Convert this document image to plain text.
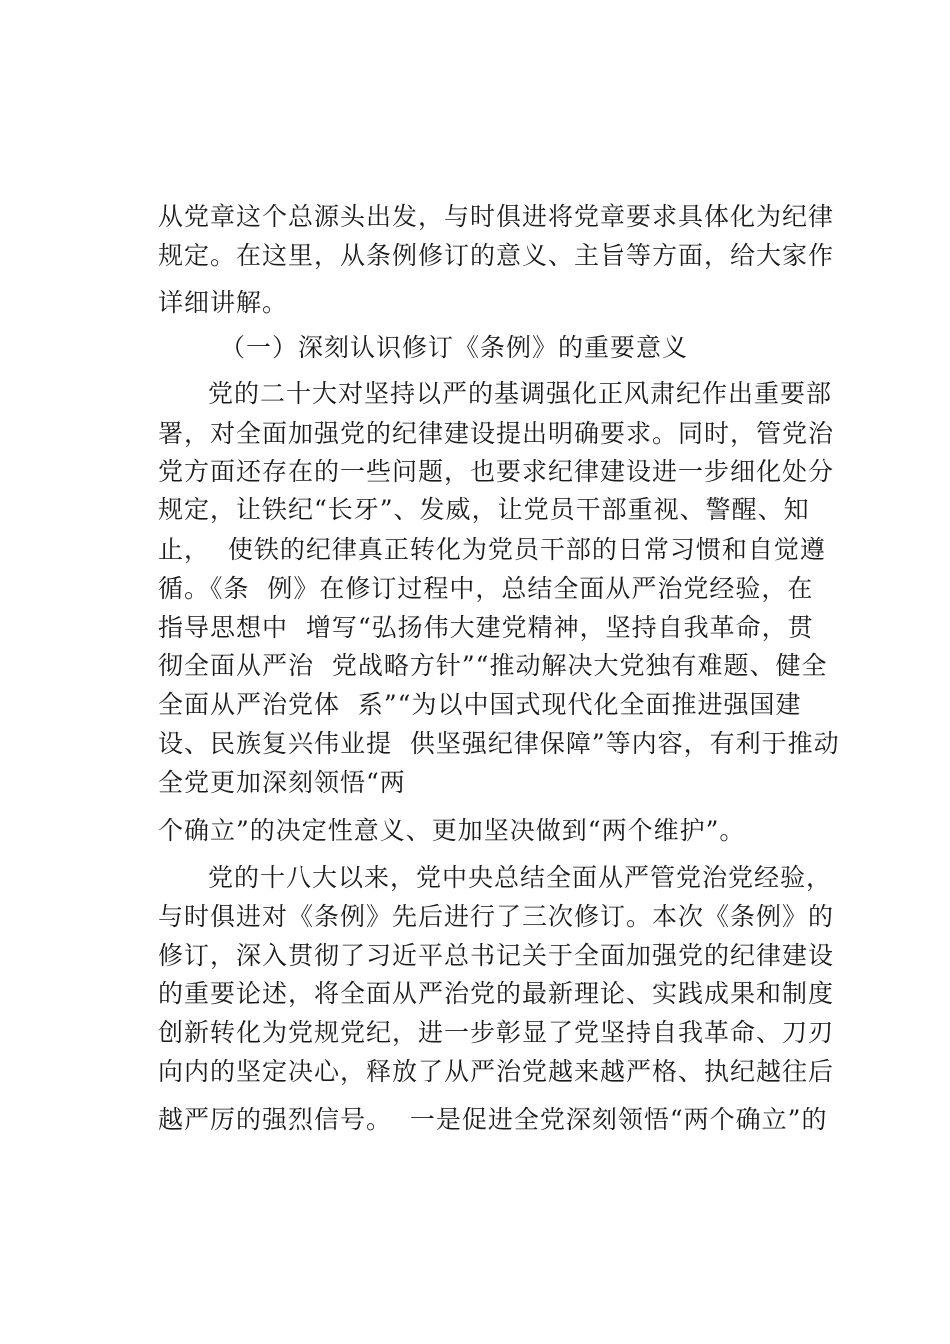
从党章这个总源头出发，与时俱进将党章要求具体化为纪律
规定。在这里，从条例修订的意义、主旨等方面，给大家作
详细讲解。
（一）深刻认识修订《条例》的重要意义
党的二十大对坚持以严的基调强化正风肃纪作出重要部
署，对全面加强党的纪律建设提出明确要求。同时，管党治
党方面还存在的一些问题，也要求纪律建设进一步细化处分
规定，让铁纪“长牙”、发威，让党员干部重视、警醒、知
止，  使铁的纪律真正转化为党员干部的日常习惯和自觉遵
循。《条  例》在修订过程中，总结全面从严治党经验，在
指导思想中  增写“弘扬伟大建党精神，坚持自我革命，贯
彻全面从严治  党战略方针”“推动解决大党独有难题、健全
全面从严治党体  系”“为以中国式现代化全面推进强国建
设、民族复兴伟业提  供坚强纪律保障”等内容，有利于推动
全党更加深刻领悟“两
个确立”的决定性意义、更加坚决做到“两个维护”。
党的十八大以来，党中央总结全面从严管党治党经验，
与时俱进对《条例》先后进行了三次修订。本次《条例》的
修订，深入贯彻了习近平总书记关于全面加强党的纪律建设
的重要论述，将全面从严治党的最新理论、实践成果和制度
创新转化为党规党纪，进一步彰显了党坚持自我革命、刀刃
向内的坚定决心，释放了从严治党越来越严格、执纪越往后
越严厉的强烈信号。  一是促进全党深刻领悟“两个确立”的
